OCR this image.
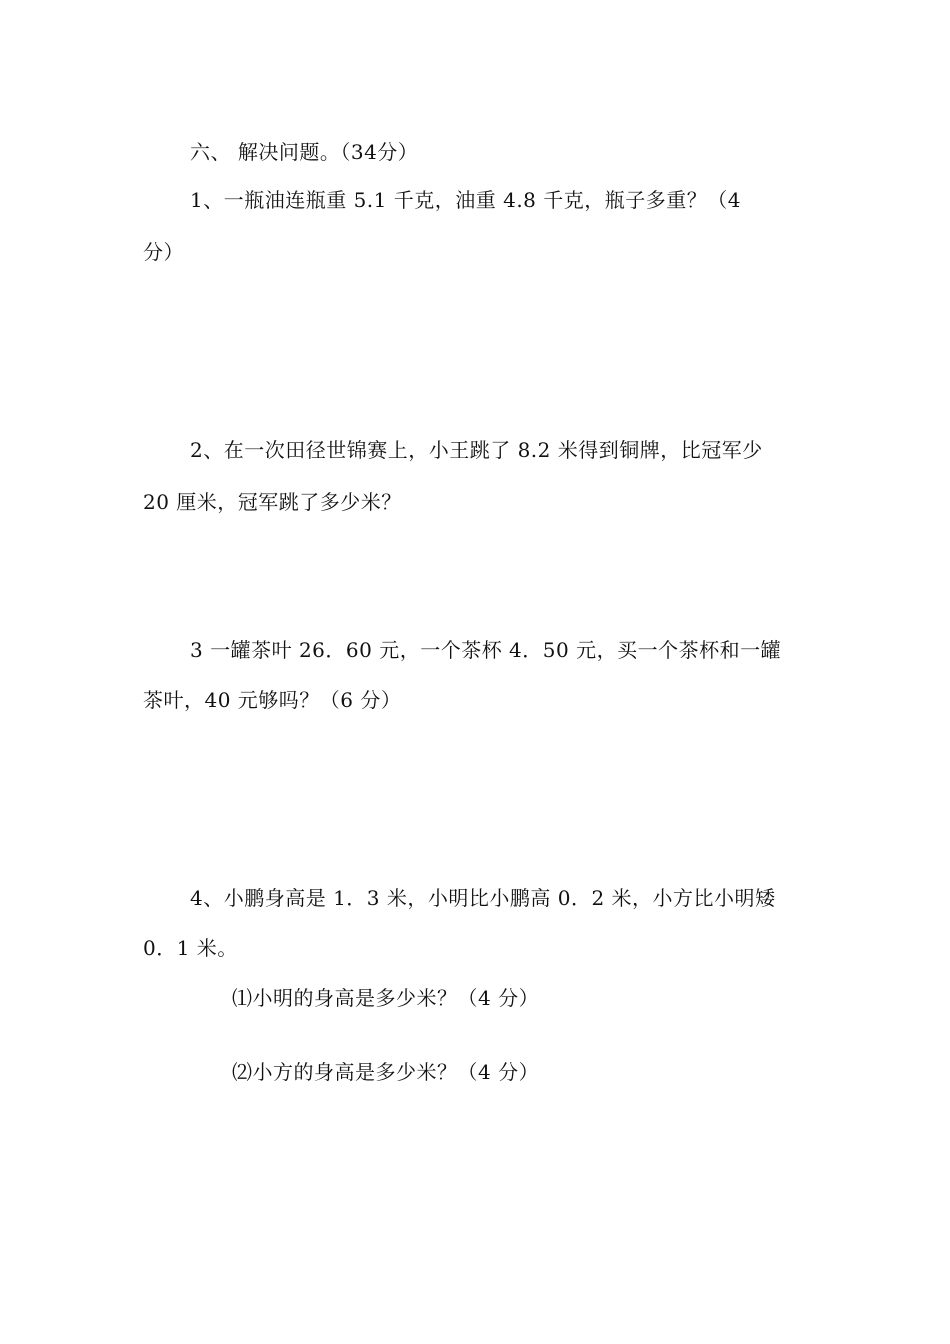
六、 解决问题。（34分）
1、一瓶油连瓶重 5.1 千克，油重 4.8 千克，瓶子多重？（4
分）
2、在一次田径世锦赛上，小王跳了 8.2 米得到铜牌，比冠军少
20 厘米，冠军跳了多少米？
3 一罐茶叶 26．60 元，一个茶杯 4．50 元，买一个茶杯和一罐
茶叶，40 元够吗？（6 分）
4、小鹏身高是 1．3 米，小明比小鹏高 0．2 米，小方比小明矮
0．1 米。
⑴小明的身高是多少米？（4 分）
⑵小方的身高是多少米？（4 分）
